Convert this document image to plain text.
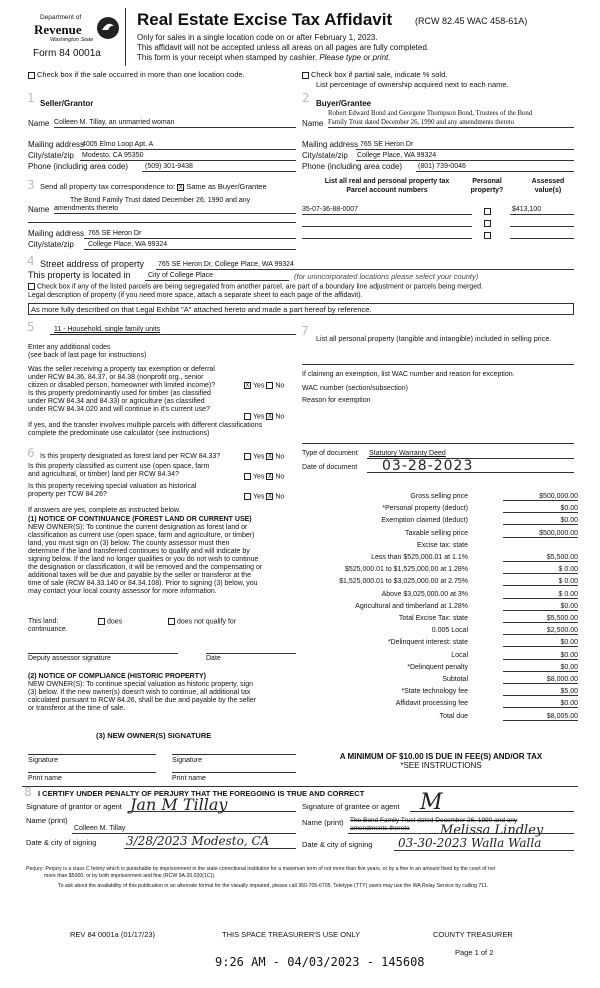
Department of
Revenue
Washington State
Form 84 0001a
Real Estate Excise Tax Affidavit	(RCW 82.45 WAC 458-61A)
Only for sales in a single location code on or after February 1, 2023.
This affidavit will not be accepted unless all areas on all pages are fully completed.
This form is your receipt when stamped by cashier. Please type or print.
Check box if the sale occurred in more than one location code.	Check box if partial sale, indicate % sold.
List percentage of ownership acquired next to each name.
1 Seller/Grantor
Name Colleen M. Tillay, an unmarried woman
Mailing address
4005 Elmo Loop Apt. A
City/state/zip Modesto, CA 95350
Phone (including area code) (509) 301-9438
2 Buyer/Grantee
Robert Edward Bond and Georgene Thompson Bond, Trustees of the Bond
Name Family Trust dated December 26, 1990 and any amendments thereto
Mailing address 765 SE Heron Dr
City/state/zip College Place, WA 99324
Phone (including area code) (801) 739-0046
3 Send all property tax correspondence to: X Same as Buyer/Grantee
The Bond Family Trust dated December 26, 1990 and any
Name amendments thereto
Mailing address 765 SE Heron Dr
City/state/zip College Place, WA 99324
List all real and personal property tax
Parcel account numbers
Personal
property?
Assessed
value(s)
35-07-36-88-0007	$413,100
4 Street address of property 765 SE Heron Dr, College Place, WA 99324
This property is located in City of College Place	(for unincorporated locations please select your county)
Check box if any of the listed parcels are being segregated from another parcel, are part of a boundary line adjustment or parcels being merged.
Legal description of property (if you need more space, attach a separate sheet to each page of the affidavit).
As more fully described on that Legal Exhibit "A" attached hereto and made a part hereof by reference.
5	11 - Household, single family units
Enter any additional codes
(see back of last page for instructions)
Was the seller receiving a property tax exemption or deferral
under RCW 84.36, 84.37, or 84.38 (nonprofit org., senior
citizen or disabled person, homeowner with limited income)?	X Yes No
Is this property predominantly used for timber (as classified
under RCW 84.34 and 84.33) or agriculture (as classified
under RCW 84.34.020 and will continue in it's current use?
Yes X No
If yes, and the transfer involves multiple parcels with different classifications
complete the predominate use calculator (see instructions)
7
List all personal property (tangible and intangible) included in selling price.
If claiming an exemption, list WAC number and reason for exception.
WAC number (section/subsection)
Reason for exemption
6 Is this property designated as forest land per RCW 84.33?	Yes X No
Is this property classified as current use (open space, farm
and agricultural, or timber) land per RCW 84.34?	Yes X No
Is this property receiving special valuation as historical
property per TCW 84.26?	Yes X No
If answers are yes, complete as instructed below.
(1) NOTICE OF CONTINUANCE (FOREST LAND OR CURRENT USE)
NEW OWNER(S): To continue the current designation as forest land or
classification as current use (open space, farm and agriculture, or timber)
land, you must sign on (3) below. The county assessor must then
determine if the land transferred continues to qualify and will indicate by
signing below. If the land no longer qualifies or you do not wish to continue
the designation or classification, it will be removed and the compensating or
additional taxes will be due and payable by the seller or transferor at the
time of sale (RCW 84.33.140 or 84.34.108). Prior to signing (3) below, you
may contact your local county assessor for more information.
This land:	does	does not qualify for
continuance.
Deputy assessor signature	Date
(2) NOTICE OF COMPLIANCE (HISTORIC PROPERTY)
NEW OWNER(S): To continue special valuation as historic property, sign
(3) below. If the new owner(s) doesn't wish to continue, all additional tax
calculated pursuant to RCW 84.26, shall be due and payable by the seller
or transferor at the time of sale.
(3) NEW OWNER(S) SIGNATURE
Signature	Signature
Print name	Print name
Type of document Statutory Warranty Deed
Date of document 03-28-2023
Gross selling price	$500,000.00
*Personal property (deduct)	$0.00
Exemption claimed (deduct)	$0.00
Taxable selling price	$500,000.00
Excise tax: state
Less than $525,000.01 at 1.1%	$5,500.00
$525,000.01 to $1,525,000.00 at 1.28%	$ 0.00
$1,525,000.01 to $3,025,000.00 at 2.75%	$ 0.00
Above $3,025,000.00 at 3%	$ 0.00
Agricultural and timberland at 1.28%	$0.00
Total Excise Tax: state	$5,500.00
0.005 Local	$2,500.00
*Delinquent interest: state	$0.00
Local	$0.00
*Delinquent penalty	$0.00
Subtotal	$8,000.00
*State technology fee	$5.00
Affidavit processing fee	$0.00
Total due	$8,005.00
A MINIMUM OF $10.00 IS DUE IN FEE(S) AND/OR TAX
*SEE INSTRUCTIONS
8 I CERTIFY UNDER PENALTY OF PERJURY THAT THE FOREGOING IS TRUE AND CORRECT
Signature of grantor or agent Jan M Tillay
Name (print)
Colleen M. Tillay
Date & city of signing 3/28/2023 Modesto, CA
Signature of grantee or agent M
Name (print) The Bond Family Trust dated December 26, 1990 and any
amendments thereto Melissa Lindley
Date & city of signing 03-30-2023 Walla Walla
Perjury: Perjury is a class C felony which is punishable by imprisonment in the state correctional institution for a maximum term of not more than five years, or by a fine in an amount fixed by the court of not
more than $5000, or by both imprisonment and fine (RCW 9A.20.020(1C)).
To ask about the availability of this publication in an alternate format for the visually impaired, please call 360-705-6705. Teletype (TTY) users may use the WA Relay Service by calling 711.
REV 84 0001a (01/17/23)	THIS SPACE TREASURER'S USE ONLY	COUNTY TREASURER
Page 1 of 2
9:26 AM - 04/03/2023 - 145608
